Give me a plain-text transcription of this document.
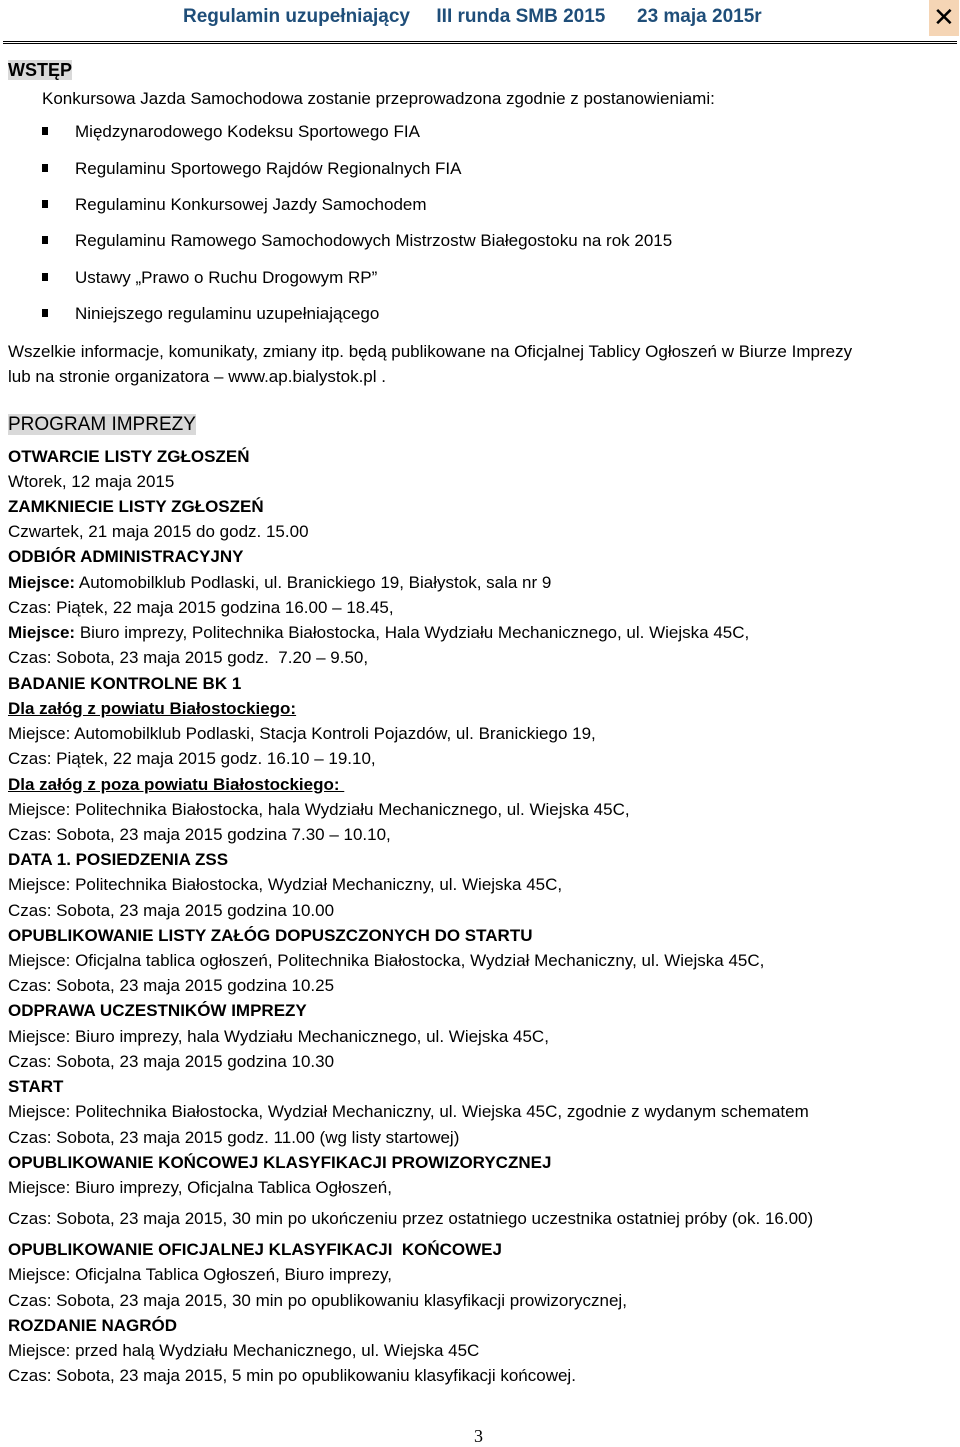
Regulamin uzupełniający     III runda SMB 2015      23 maja 2015r	✕
WSTĘP
Konkursowa Jazda Samochodowa zostanie przeprowadzona zgodnie z postanowieniami:
Międzynarodowego Kodeksu Sportowego FIA
Regulaminu Sportowego Rajdów Regionalnych FIA
Regulaminu Konkursowej Jazdy Samochodem
Regulaminu Ramowego Samochodowych Mistrzostw Białegostoku na rok 2015
Ustawy „Prawo o Ruchu Drogowym RP”
Niniejszego regulaminu uzupełniającego
Wszelkie informacje, komunikaty, zmiany itp. będą publikowane na Oficjalnej Tablicy Ogłoszeń w Biurze Imprezy
lub na stronie organizatora – www.ap.bialystok.pl .
PROGRAM IMPREZY
OTWARCIE LISTY ZGŁOSZEŃ
Wtorek, 12 maja 2015
ZAMKNIECIE LISTY ZGŁOSZEŃ
Czwartek, 21 maja 2015 do godz. 15.00
ODBIÓR ADMINISTRACYJNY
Miejsce: Automobilklub Podlaski, ul. Branickiego 19, Białystok, sala nr 9
Czas: Piątek, 22 maja 2015 godzina 16.00 – 18.45,
Miejsce: Biuro imprezy, Politechnika Białostocka, Hala Wydziału Mechanicznego, ul. Wiejska 45C,
Czas: Sobota, 23 maja 2015 godz.  7.20 – 9.50,
BADANIE KONTROLNE BK 1
Dla załóg z powiatu Białostockiego:
Miejsce: Automobilklub Podlaski, Stacja Kontroli Pojazdów, ul. Branickiego 19,
Czas: Piątek, 22 maja 2015 godz. 16.10 – 19.10,
Dla załóg z poza powiatu Białostockiego:
Miejsce: Politechnika Białostocka, hala Wydziału Mechanicznego, ul. Wiejska 45C,
Czas: Sobota, 23 maja 2015 godzina 7.30 – 10.10,
DATA 1. POSIEDZENIA ZSS
Miejsce: Politechnika Białostocka, Wydział Mechaniczny, ul. Wiejska 45C,
Czas: Sobota, 23 maja 2015 godzina 10.00
OPUBLIKOWANIE LISTY ZAŁÓG DOPUSZCZONYCH DO STARTU
Miejsce: Oficjalna tablica ogłoszeń, Politechnika Białostocka, Wydział Mechaniczny, ul. Wiejska 45C,
Czas: Sobota, 23 maja 2015 godzina 10.25
ODPRAWA UCZESTNIKÓW IMPREZY
Miejsce: Biuro imprezy, hala Wydziału Mechanicznego, ul. Wiejska 45C,
Czas: Sobota, 23 maja 2015 godzina 10.30
START
Miejsce: Politechnika Białostocka, Wydział Mechaniczny, ul. Wiejska 45C, zgodnie z wydanym schematem
Czas: Sobota, 23 maja 2015 godz. 11.00 (wg listy startowej)
OPUBLIKOWANIE KOŃCOWEJ KLASYFIKACJI PROWIZORYCZNEJ
Miejsce: Biuro imprezy, Oficjalna Tablica Ogłoszeń,
Czas: Sobota, 23 maja 2015, 30 min po ukończeniu przez ostatniego uczestnika ostatniej próby (ok. 16.00)
OPUBLIKOWANIE OFICJALNEJ KLASYFIKACJI  KOŃCOWEJ
Miejsce: Oficjalna Tablica Ogłoszeń, Biuro imprezy,
Czas: Sobota, 23 maja 2015, 30 min po opublikowaniu klasyfikacji prowizorycznej,
ROZDANIE NAGRÓD
Miejsce: przed halą Wydziału Mechanicznego, ul. Wiejska 45C
Czas: Sobota, 23 maja 2015, 5 min po opublikowaniu klasyfikacji końcowej.
3
